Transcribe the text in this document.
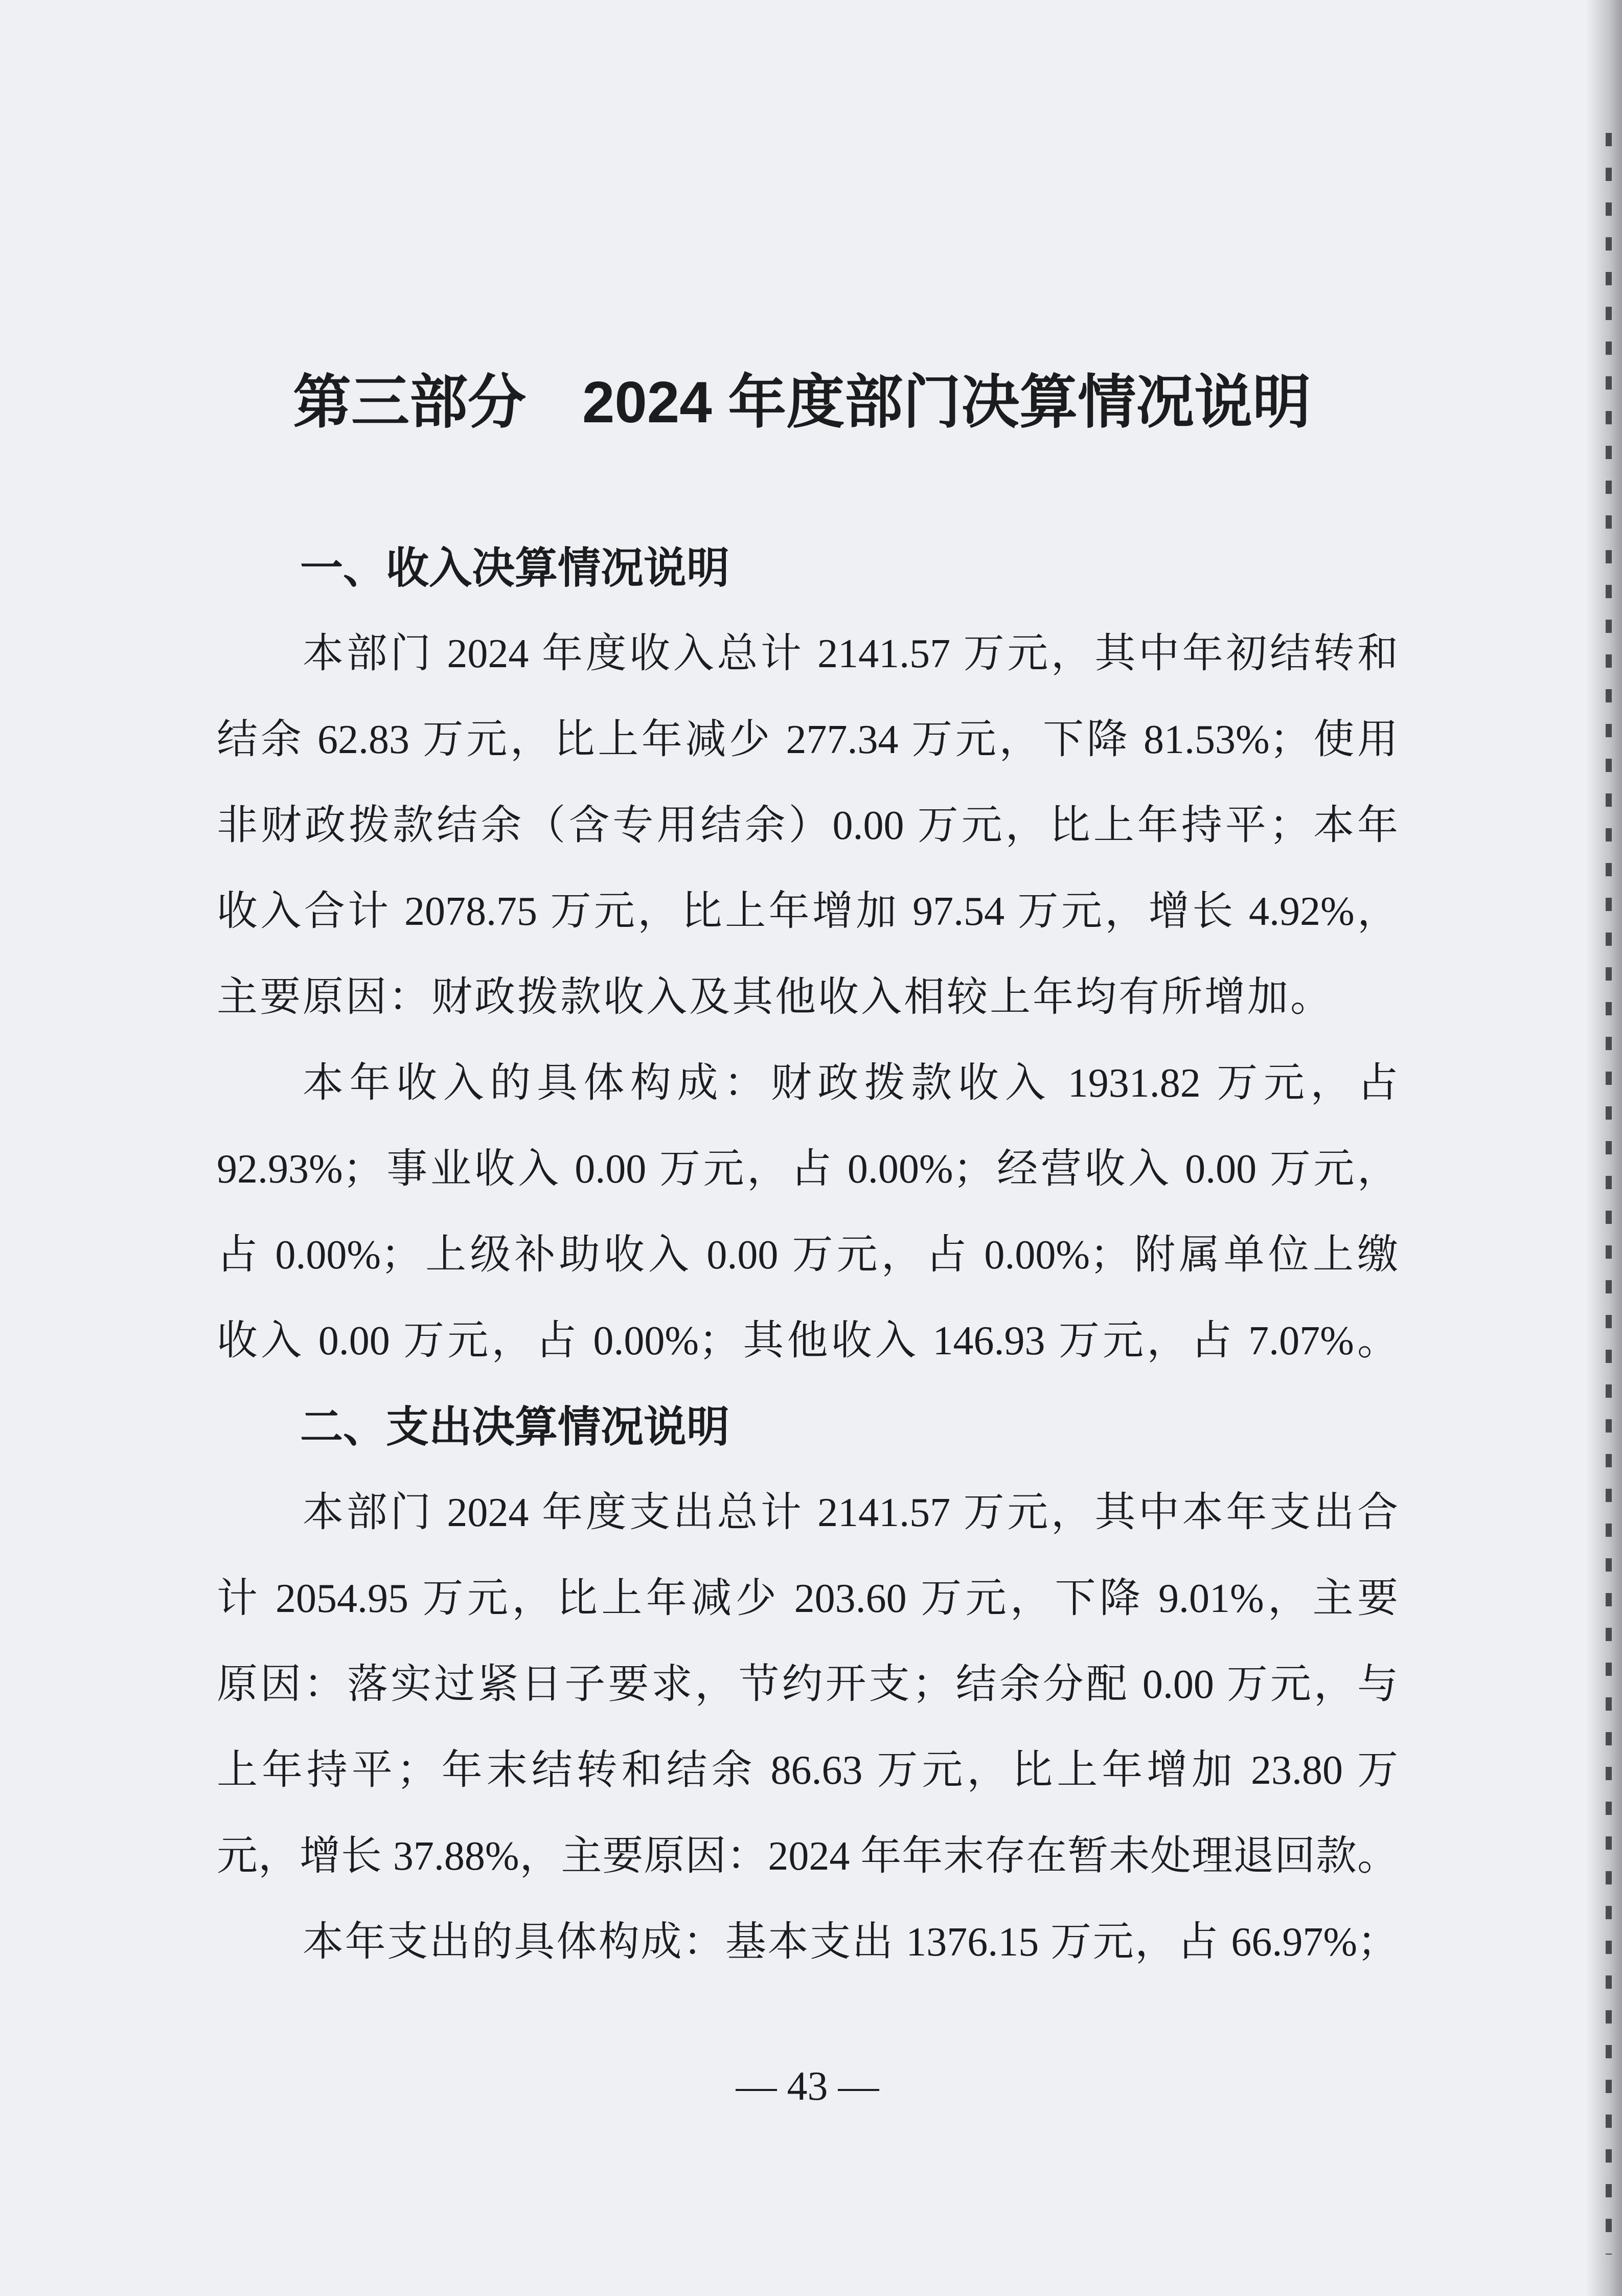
第三部分 2024 年度部门决算情况说明
一、收入决算情况说明
本部门 2024 年度收入总计 2141.57 万元，其中年初结转和
结余 62.83 万元，比上年减少 277.34 万元，下降 81.53%；使用
非财政拨款结余（含专用结余）0.00 万元，比上年持平；本年
收入合计 2078.75 万元，比上年增加 97.54 万元，增长 4.92%，
主要原因：财政拨款收入及其他收入相较上年均有所增加。
本年收入的具体构成：财政拨款收入 1931.82 万元，占
92.93%；事业收入 0.00 万元，占 0.00%；经营收入 0.00 万元，
占 0.00%；上级补助收入 0.00 万元，占 0.00%；附属单位上缴
收入 0.00 万元，占 0.00%；其他收入 146.93 万元，占 7.07%。
二、支出决算情况说明
本部门 2024 年度支出总计 2141.57 万元，其中本年支出合
计 2054.95 万元，比上年减少 203.60 万元，下降 9.01%，主要
原因：落实过紧日子要求，节约开支；结余分配 0.00 万元，与
上年持平；年末结转和结余 86.63 万元，比上年增加 23.80 万
元，增长 37.88%，主要原因：2024 年年末存在暂未处理退回款。
本年支出的具体构成：基本支出 1376.15 万元，占 66.97%；
— 43 —
